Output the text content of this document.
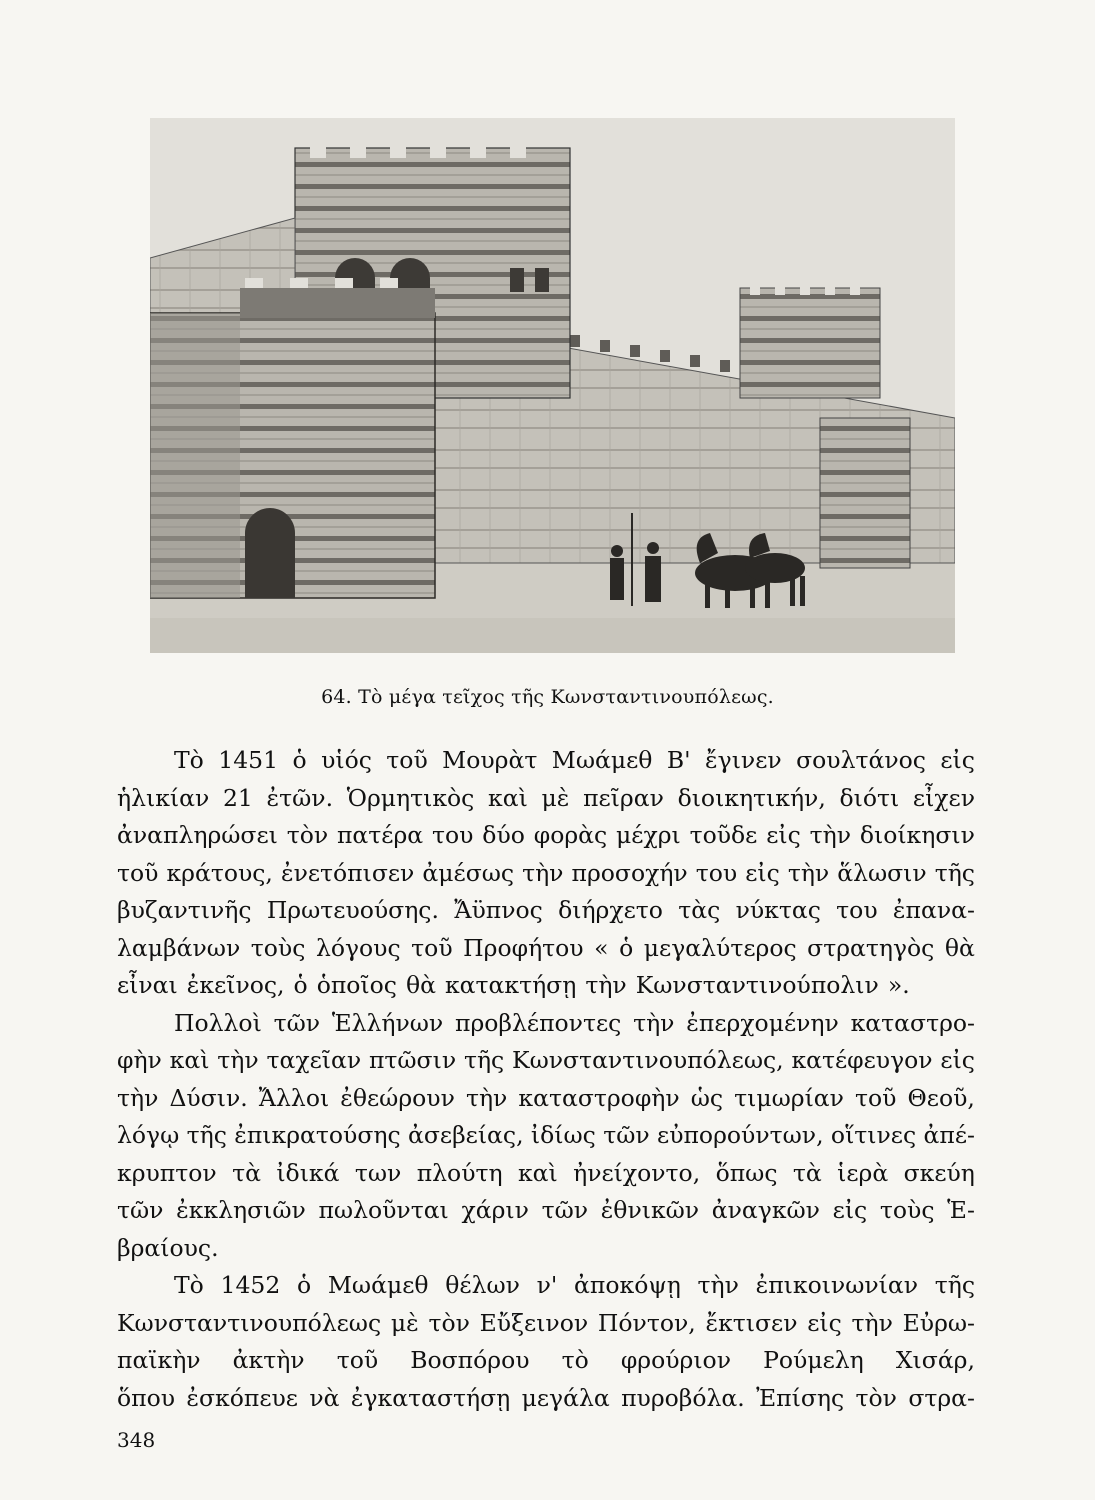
64. Τὸ μέγα τεῖχος τῆς Κωνσταντινουπόλεως.
Τὸ 1451 ὁ υἱός τοῦ Μουρὰτ Μωάμεθ Β' ἔγινεν σουλτάνος εἰς
ἡλικίαν 21 ἐτῶν. Ὁρμητικὸς καὶ μὲ πεῖραν διοικητικήν, διότι εἶχεν
ἀναπληρώσει τὸν πατέρα του δύο φορὰς μέχρι τοῦδε εἰς τὴν διοίκησιν
τοῦ κράτους, ἐνετόπισεν ἀμέσως τὴν προσοχήν του εἰς τὴν ἅλωσιν τῆς
βυζαντινῆς Πρωτευούσης. Ἄϋπνος διήρχετο τὰς νύκτας του ἐπανα-
λαμβάνων τοὺς λόγους τοῦ Προφήτου « ὁ μεγαλύτερος στρατηγὸς θὰ
εἶναι ἐκεῖνος, ὁ ὁποῖος θὰ κατακτήσῃ τὴν Κωνσταντινούπολιν ».
Πολλοὶ τῶν Ἑλλήνων προβλέποντες τὴν ἐπερχομένην καταστρο-
φὴν καὶ τὴν ταχεῖαν πτῶσιν τῆς Κωνσταντινουπόλεως, κατέφευγον εἰς
τὴν Δύσιν. Ἄλλοι ἐθεώρουν τὴν καταστροφὴν ὡς τιμωρίαν τοῦ Θεοῦ,
λόγῳ τῆς ἐπικρατούσης ἀσεβείας, ἰδίως τῶν εὐπορούντων, οἵτινες ἀπέ-
κρυπτον τὰ ἰδικά των πλούτη καὶ ἠνείχοντο, ὅπως τὰ ἱερὰ σκεύη
τῶν ἐκκλησιῶν πωλοῦνται χάριν τῶν ἐθνικῶν ἀναγκῶν εἰς τοὺς Ἑ-
βραίους.
Τὸ 1452 ὁ Μωάμεθ θέλων ν' ἀποκόψῃ τὴν ἐπικοινωνίαν τῆς
Κωνσταντινουπόλεως μὲ τὸν Εὔξεινον Πόντον, ἔκτισεν εἰς τὴν Εὐρω-
παϊκὴν ἀκτὴν τοῦ Βοσπόρου τὸ φρούριον Ρούμελη Χισάρ,
ὅπου ἐσκόπευε νὰ ἐγκαταστήσῃ μεγάλα πυροβόλα. Ἐπίσης τὸν στρα-
348
